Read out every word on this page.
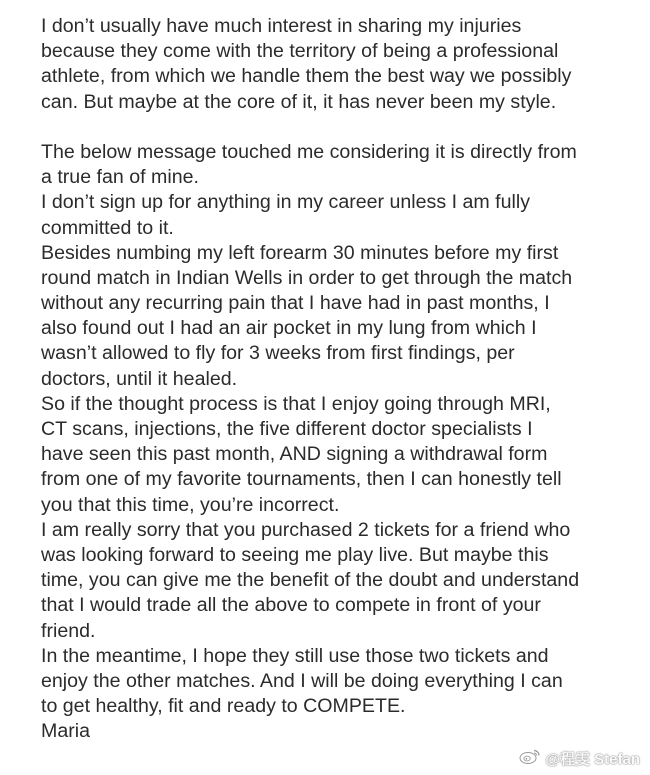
I don’t usually have much interest in sharing my injuries
because they come with the territory of being a professional
athlete, from which we handle them the best way we possibly
can. But maybe at the core of it, it has never been my style.
The below message touched me considering it is directly from
a true fan of mine.
I don’t sign up for anything in my career unless I am fully
committed to it.
Besides numbing my left forearm 30 minutes before my first
round match in Indian Wells in order to get through the match
without any recurring pain that I have had in past months, I
also found out I had an air pocket in my lung from which I
wasn’t allowed to fly for 3 weeks from first findings, per
doctors, until it healed.
So if the thought process is that I enjoy going through MRI,
CT scans, injections, the five different doctor specialists I
have seen this past month, AND signing a withdrawal form
from one of my favorite tournaments, then I can honestly tell
you that this time, you’re incorrect.
I am really sorry that you purchased 2 tickets for a friend who
was looking forward to seeing me play live. But maybe this
time, you can give me the benefit of the doubt and understand
that I would trade all the above to compete in front of your
friend.
In the meantime, I hope they still use those two tickets and
enjoy the other matches. And I will be doing everything I can
to get healthy, fit and ready to COMPETE.
Maria
@程雯 Stefan
